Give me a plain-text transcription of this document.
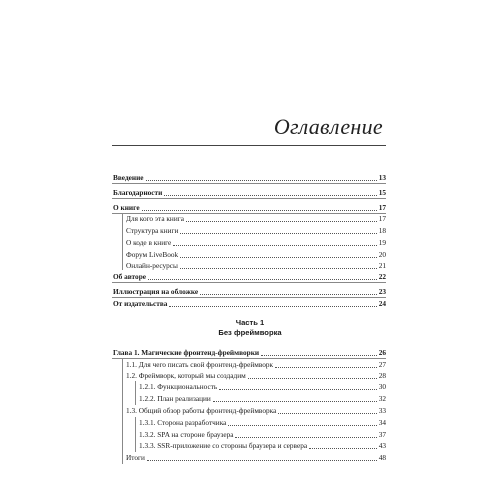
Оглавление
Введение	13
Благодарности	15
О книге	17
Для кого эта книга	17
Структура книги	18
О коде в книге	19
Форум LiveBook	20
Онлайн-ресурсы	21
Об авторе	22
Иллюстрация на обложке	23
От издательства	24
Глава 1. Магические фронтенд-фреймворки	26
1.1. Для чего писать свой фронтенд-фреймворк	27
1.2. Фреймворк, который мы создадим	28
1.2.1. Функциональность	30
1.2.2. План реализации	32
1.3. Общий обзор работы фронтенд-фреймворка	33
1.3.1. Сторона разработчика	34
1.3.2. SPA на стороне браузера	37
1.3.3. SSR-приложение со стороны браузера и сервера	43
Итоги	48
Часть 1
Без фреймворка
